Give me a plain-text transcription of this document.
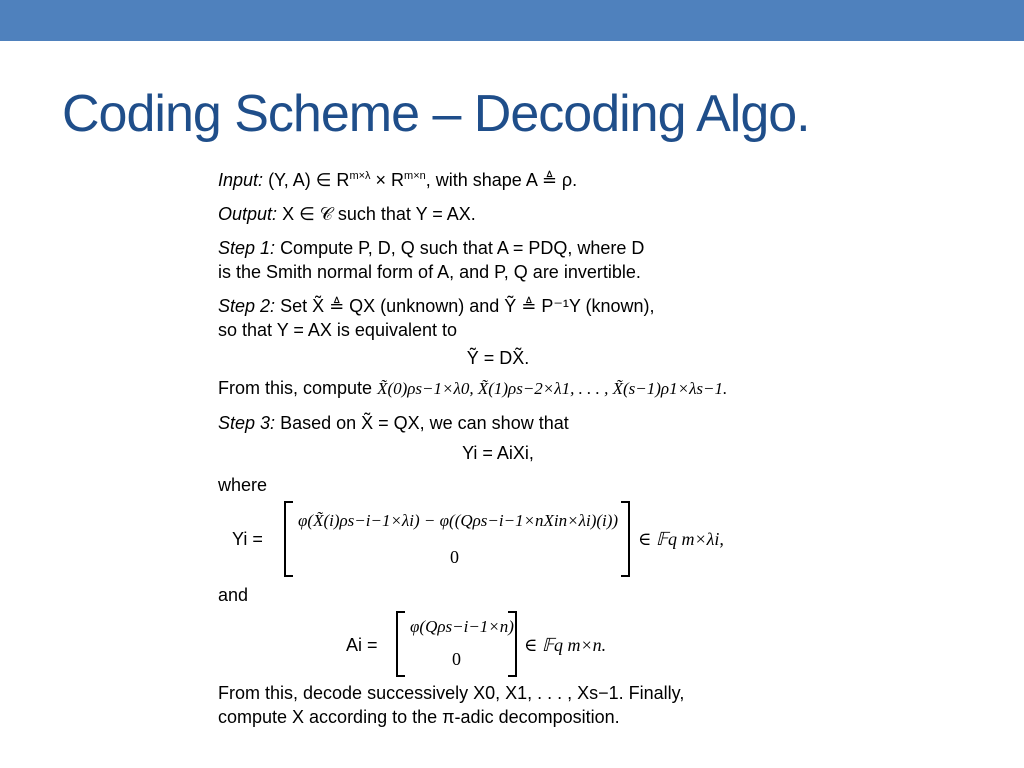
Coding Scheme – Decoding Algo.

Input: (Y, A) ∈ $R^{m\times\lambda} \times R^{m\times n}$, with shape A ≜ ρ.

Output: X ∈ 𝒞 such that Y = AX.

Step 1: Compute P, D, Q such that A = PDQ, where D
is the Smith normal form of A, and P, Q are invertible.

Step 2: Set X̃ ≜ QX (unknown) and Ỹ ≜ P⁻¹Y (known),
so that Y = AX is equivalent to

Ỹ = DX̃.

From this, compute X̃(0)ρs−1×λ0, X̃(1)ρs−2×λ1, . . . , X̃(s−1)ρ1×λs−1.

Step 3: Based on X̃ = QX, we can show that

Yi = AiXi,

where

Yi =
φ(X̃(i)ρs−i−1×λi) − φ((Qρs−i−1×nXin×λi)(i))
0
∈ 𝔽q m×λi,

and

Ai =
φ(Qρs−i−1×n)
0
∈ 𝔽q m×n.

From this, decode successively X0, X1, . . . , Xs−1. Finally,
compute X according to the π-adic decomposition.
